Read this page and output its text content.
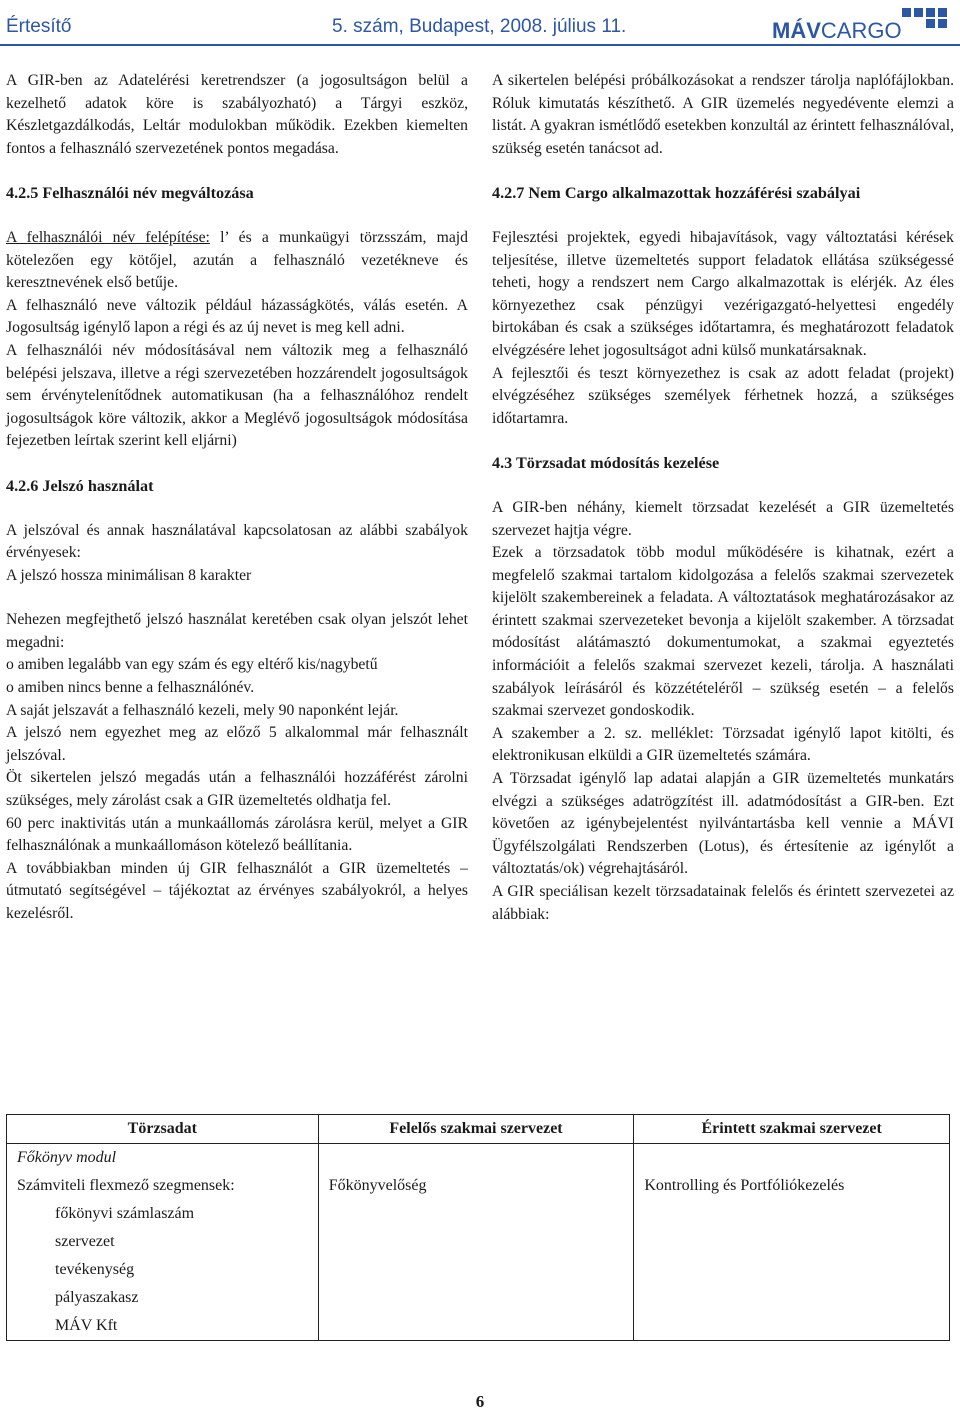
Értesítő	5. szám, Budapest, 2008. július 11.	MÁVCARGO

A GIR-ben az Adatelérési keretrendszer (a jogosultságon belül a kezelhető adatok köre is szabályozható) a Tárgyi eszköz, Készletgazdálkodás, Leltár modulokban működik. Ezekben kiemelten fontos a felhasználó szervezetének pontos megadása.

4.2.5 Felhasználói név megváltozása

A felhasználói név felépítése: l’ és a munkaügyi törzsszám, majd kötelezően egy kötőjel, azután a felhasználó vezetékneve és keresztnevének első betűje.

A felhasználó neve változik például házasságkötés, válás esetén. A Jogosultság igénylő lapon a régi és az új nevet is meg kell adni.

A felhasználói név módosításával nem változik meg a felhasználó belépési jelszava, illetve a régi szervezetében hozzárendelt jogosultságok sem érvénytelenítődnek automatikusan (ha a felhasználóhoz rendelt jogosultságok köre változik, akkor a Meglévő jogosultságok módosítása fejezetben leírtak szerint kell eljárni)

4.2.6 Jelszó használat

A jelszóval és annak használatával kapcsolatosan az alábbi szabályok érvényesek:

A jelszó hossza minimálisan 8 karakter

Nehezen megfejthető jelszó használat keretében csak olyan jelszót lehet megadni:

o amiben legalább van egy szám és egy eltérő kis/nagybetű

o amiben nincs benne a felhasználónév.

A saját jelszavát a felhasználó kezeli, mely 90 naponként lejár.

A jelszó nem egyezhet meg az előző 5 alkalommal már felhasznált jelszóval.

Öt sikertelen jelszó megadás után a felhasználói hozzáférést zárolni szükséges, mely zárolást csak a GIR üzemeltetés oldhatja fel.

60 perc inaktivitás után a munkaállomás zárolásra kerül, melyet a GIR felhasználónak a munkaállomáson kötelező beállítania.

A továbbiakban minden új GIR felhasználót a GIR üzemeltetés – útmutató segítségével – tájékoztat az érvényes szabályokról, a helyes kezelésről.

A sikertelen belépési próbálkozásokat a rendszer tárolja naplófájlokban. Róluk kimutatás készíthető. A GIR üzemelés negyedévente elemzi a listát. A gyakran ismétlődő esetekben konzultál az érintett felhasználóval, szükség esetén tanácsot ad.

4.2.7 Nem Cargo alkalmazottak hozzáférési szabályai

Fejlesztési projektek, egyedi hibajavítások, vagy változtatási kérések teljesítése, illetve üzemeltetés support feladatok ellátása szükségessé teheti, hogy a rendszert nem Cargo alkalmazottak is elérjék. Az éles környezethez csak pénzügyi vezérigazgató-helyettesi engedély birtokában és csak a szükséges időtartamra, és meghatározott feladatok elvégzésére lehet jogosultságot adni külső munkatársaknak.

A fejlesztői és teszt környezethez is csak az adott feladat (projekt) elvégzéséhez szükséges személyek férhetnek hozzá, a szükséges időtartamra.

4.3 Törzsadat módosítás kezelése

A GIR-ben néhány, kiemelt törzsadat kezelését a GIR üzemeltetés szervezet hajtja végre.

Ezek a törzsadatok több modul működésére is kihatnak, ezért a megfelelő szakmai tartalom kidolgozása a felelős szakmai szervezetek kijelölt szakembereinek a feladata. A változtatások meghatározásakor az érintett szakmai szervezeteket bevonja a kijelölt szakember. A törzsadat módosítást alátámasztó dokumentumokat, a szakmai egyeztetés információit a felelős szakmai szervezet kezeli, tárolja. A használati szabályok leírásáról és közzétételéről – szükség esetén – a felelős szakmai szervezet gondoskodik.

A szakember a 2. sz. melléklet: Törzsadat igénylő lapot kitölti, és elektronikusan elküldi a GIR üzemeltetés számára.

A Törzsadat igénylő lap adatai alapján a GIR üzemeltetés munkatárs elvégzi a szükséges adatrögzítést ill. adatmódosítást a GIR-ben. Ezt követően az igénybejelentést nyilvántartásba kell vennie a MÁVI Ügyfélszolgálati Rendszerben (Lotus), és értesítenie az igénylőt a változtatás/ok) végrehajtásáról.

A GIR speciálisan kezelt törzsadatainak felelős és érintett szervezetei az alábbiak:

Törzsadat	Felelős szakmai szervezet	Érintett szakmai szervezet
Főkönyv modul		
Számviteli flexmező szegmensek:	Főkönyvelőség	Kontrolling és Portfóliókezelés
főkönyvi számlaszám		
szervezet		
tevékenység		
pályaszakasz		
MÁV Kft		
6
